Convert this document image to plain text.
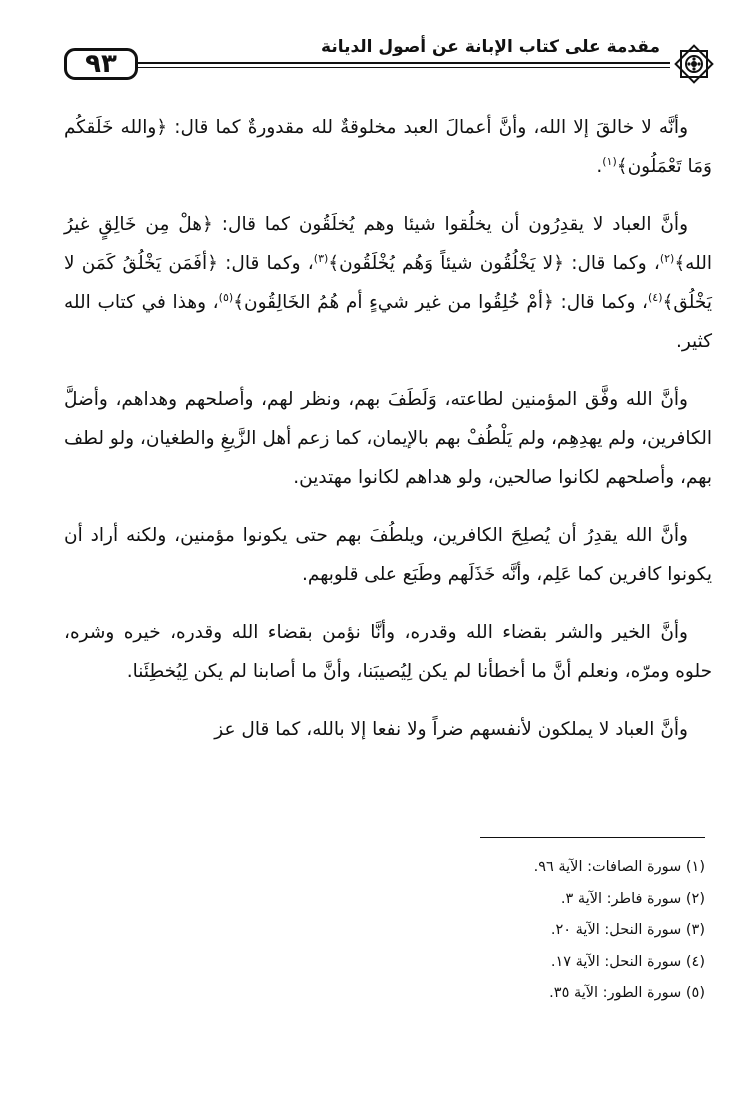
٩٣
مقدمة على كتاب الإبانة عن أصول الديانة

وأنَّه لا خالقَ إلا الله، وأنَّ أعمالَ العبد مخلوقةٌ لله مقدورةٌ كما قال: ﴿والله خَلَقكُم وَمَا تَعْمَلُون﴾$^{(١)}$.

وأنَّ العباد لا يقدِرُون أن يخلُقوا شيئا وهم يُخلَقُون كما قال: ﴿هلْ مِن خَالِقٍ غيرُ الله﴾$^{(٢)}$، وكما قال: ﴿لا يَخْلُقُون شيئاً وَهُم يُخْلَقُون﴾$^{(٣)}$، وكما قال: ﴿أفَمَن يَخْلُقُ كَمَن لا يَخْلُق﴾$^{(٤)}$، وكما قال: ﴿أمْ خُلِقُوا من غير شيءٍ أم هُمُ الخَالِقُون﴾$^{(٥)}$، وهذا في كتاب الله كثير.

وأنَّ الله وفَّق المؤمنين لطاعته، وَلَطَفَ بهم، ونظر لهم، وأصلحهم وهداهم، وأضلَّ الكافرين، ولم يهدِهِم، ولم يَلْطُفْ بهم بالإيمان، كما زعم أهل الزَّيغِ والطغيان، ولو لطف بهم، وأصلحهم لكانوا صالحين، ولو هداهم لكانوا مهتدين.

وأنَّ الله يقدِرُ أن يُصلِحَ الكافرين، ويلطُفَ بهم حتى يكونوا مؤمنين، ولكنه أراد أن يكونوا كافرين كما عَلِم، وأنَّه خَذَلَهم وطَبَع على قلوبهم.

وأنَّ الخير والشر بقضاء الله وقدره، وأنَّا نؤمن بقضاء الله وقدره، خيره وشره، حلوه ومرّه، ونعلم أنَّ ما أخطأنا لم يكن لِيُصيبَنا، وأنَّ ما أصابنا لم يكن لِيُخطِئَنا.

وأنَّ العباد لا يملكون لأنفسهم ضراً ولا نفعا إلا بالله، كما قال عز

(١) سورة الصافات: الآية ٩٦.
(٢) سورة فاطر: الآية ٣.
(٣) سورة النحل: الآية ٢٠.
(٤) سورة النحل: الآية ١٧.
(٥) سورة الطور: الآية ٣٥.
